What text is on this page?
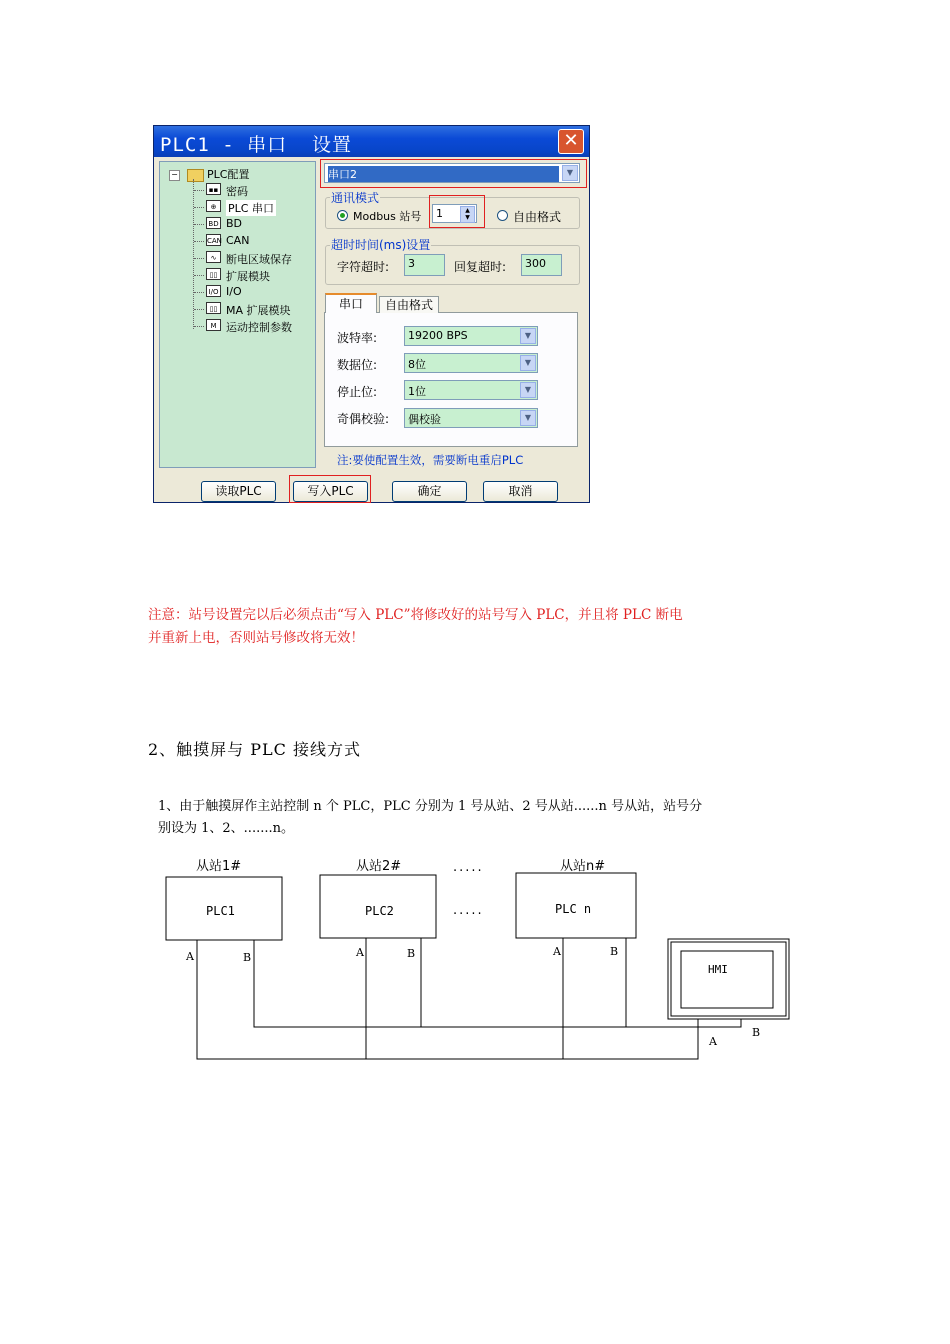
PLC1 - 串口  设置	✕
−	PLC配置
▪▪ 密码
⊕	PLC 串口
BD BD
CAN CAN
∿ 断电区域保存
▯▯ 扩展模块
I/O I/O
▯▯ MA 扩展模块
M 运动控制参数
串口2	▼
通讯模式
Modbus 站号	1	▲
▼	自由格式
超时时间(ms)设置
字符超时:	3	回复超时:	300
串口	自由格式
波特率:	19200 BPS	▼
数据位:	8位	▼
停止位:	1位	▼
奇偶校验: 偶校验	▼
注:要使配置生效，需要断电重启PLC
读取PLC	写入PLC	确定	取消
注意：站号设置完以后必须点击“写入 PLC”将修改好的站号写入 PLC，并且将 PLC 断电
并重新上电，否则站号修改将无效！
2、触摸屏与 PLC 接线方式
1、由于触摸屏作主站控制 n 个 PLC，PLC 分别为 1 号从站、2 号从站......n 号从站，站号分
别设为 1、2、.......n。
从站1#	从站2#	从站n#
.....
.....
PLC1	PLC2	PLC n
HMI
A	B	A	B	A	B
A
B
